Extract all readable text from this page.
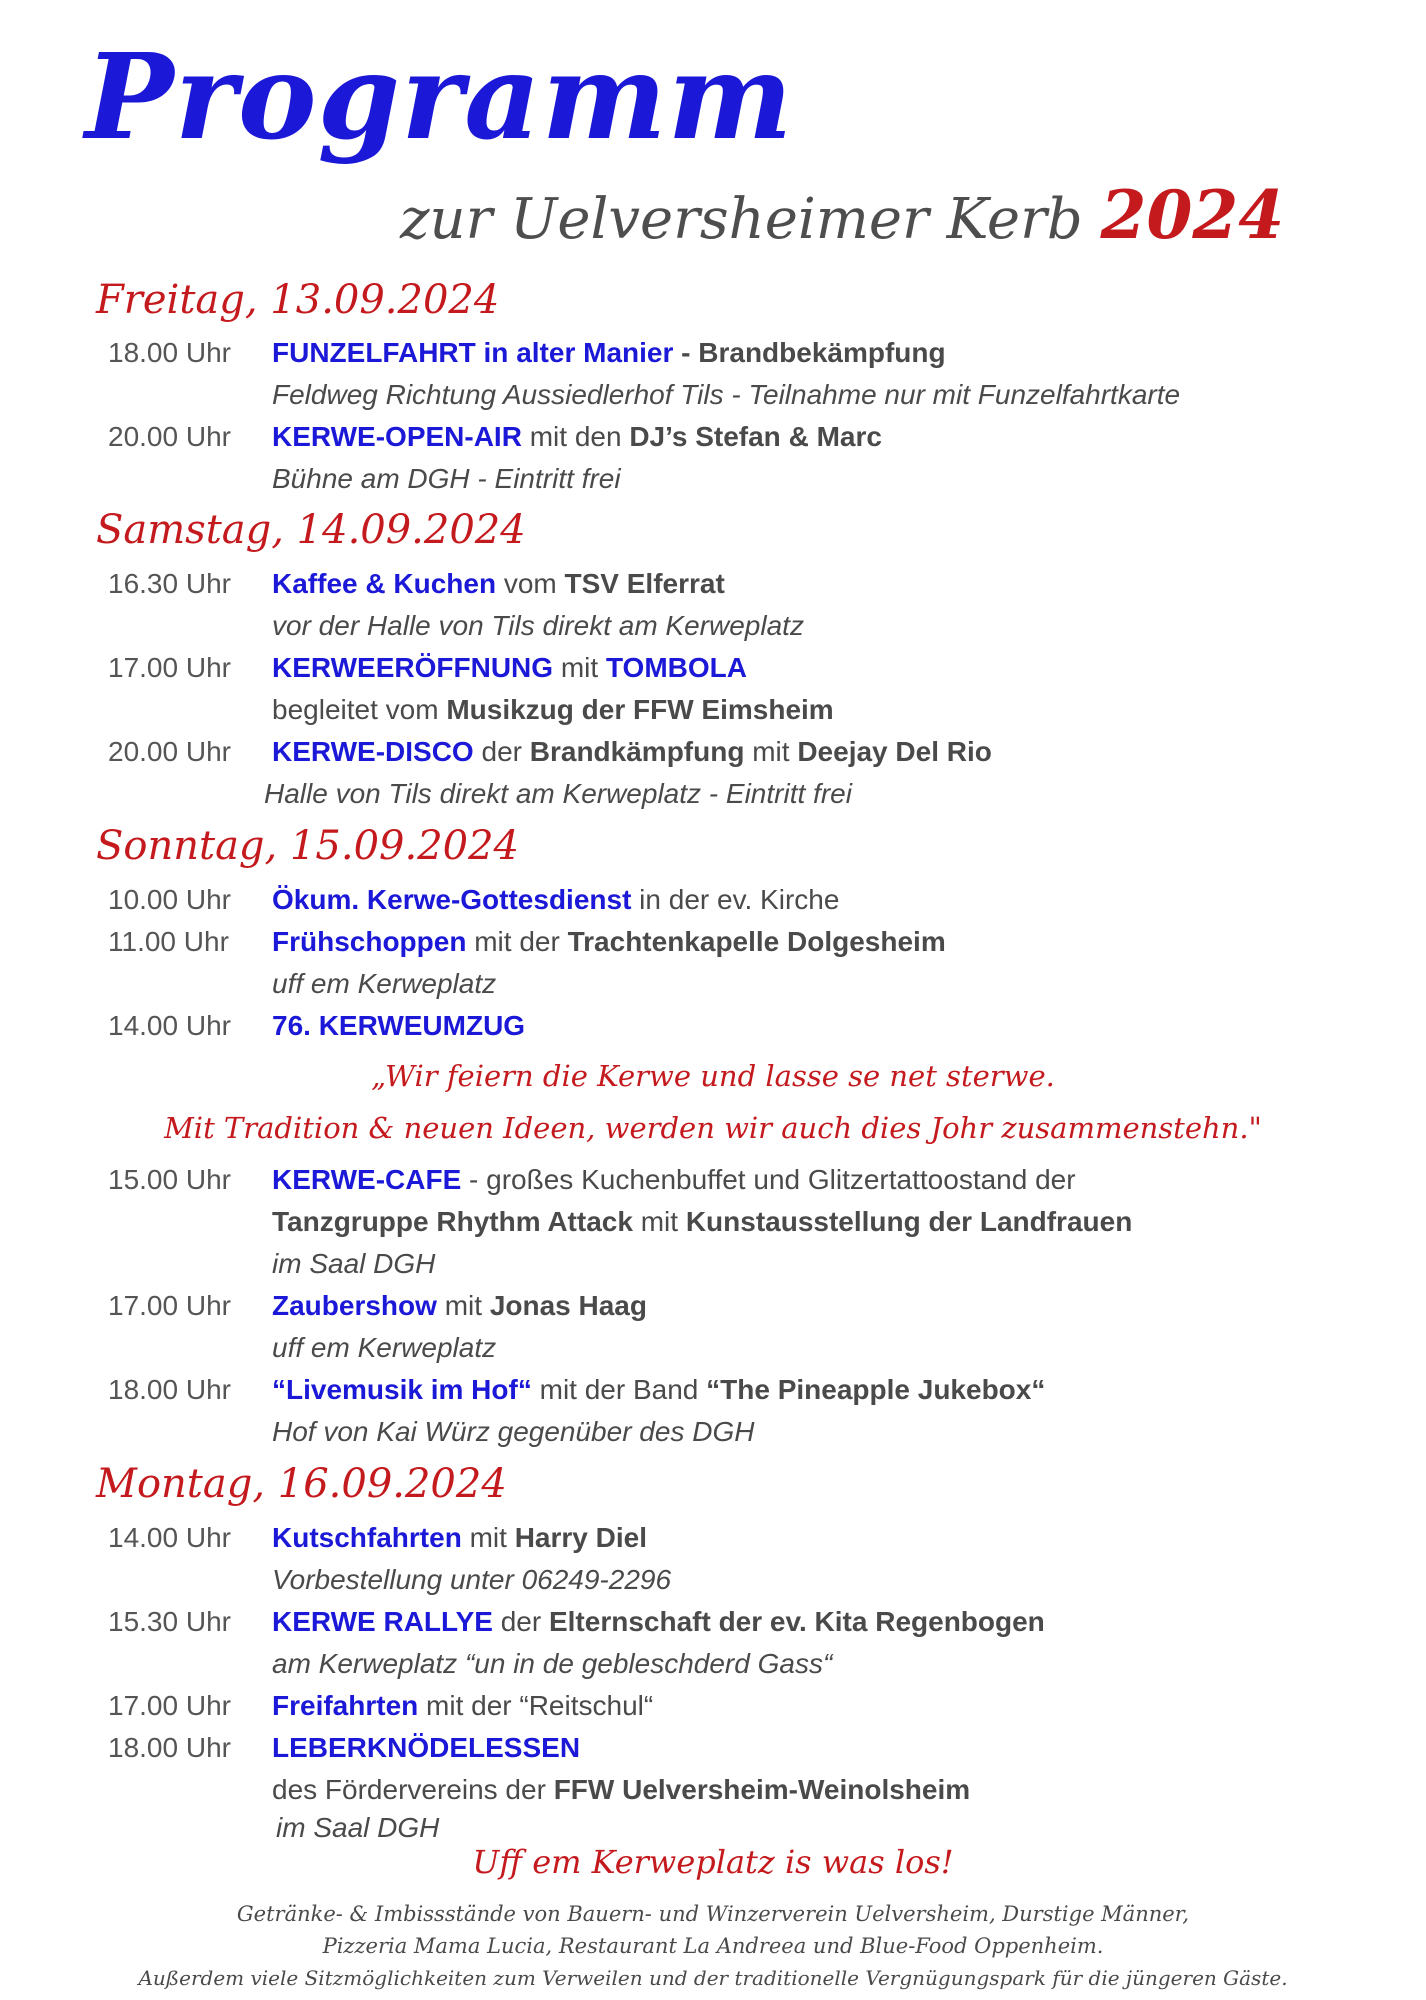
Programm

zur Uelversheimer Kerb 2024

Freitag, 13.09.2024
18.00 Uhr FUNZELFAHRT in alter Manier - Brandbekämpfung
Feldweg Richtung Aussiedlerhof Tils - Teilnahme nur mit Funzelfahrtkarte
20.00 Uhr KERWE-OPEN-AIR mit den DJ’s Stefan & Marc
Bühne am DGH - Eintritt frei
Samstag, 14.09.2024
16.30 Uhr Kaffee & Kuchen vom TSV Elferrat
vor der Halle von Tils direkt am Kerweplatz
17.00 Uhr KERWEERÖFFNUNG mit TOMBOLA
begleitet vom Musikzug der FFW Eimsheim
20.00 Uhr KERWE-DISCO der Brandkämpfung mit Deejay Del Rio
Halle von Tils direkt am Kerweplatz - Eintritt frei
Sonntag, 15.09.2024
10.00 Uhr Ökum. Kerwe-Gottesdienst in der ev. Kirche
11.00 Uhr Frühschoppen mit der Trachtenkapelle Dolgesheim
uff em Kerweplatz
14.00 Uhr 76. KERWEUMZUG

„Wir feiern die Kerwe und lasse se net sterwe.

Mit Tradition & neuen Ideen, werden wir auch dies Johr zusammenstehn."

15.00 Uhr KERWE-CAFE - großes Kuchenbuffet und Glitzertattoostand der
Tanzgruppe Rhythm Attack mit Kunstausstellung der Landfrauen
im Saal DGH
17.00 Uhr Zaubershow mit Jonas Haag
uff em Kerweplatz
18.00 Uhr “Livemusik im Hof“ mit der Band “The Pineapple Jukebox“
Hof von Kai Würz gegenüber des DGH
Montag, 16.09.2024
14.00 Uhr Kutschfahrten mit Harry Diel
Vorbestellung unter 06249-2296
15.30 Uhr KERWE RALLYE der Elternschaft der ev. Kita Regenbogen
am Kerweplatz “un in de gebleschderd Gass“
17.00 Uhr Freifahrten mit der “Reitschul“
18.00 Uhr LEBERKNÖDELESSEN
des Fördervereins der FFW Uelversheim-Weinolsheim
im Saal DGH

Uff em Kerweplatz is was los!

Getränke- & Imbissstände von Bauern- und Winzerverein Uelversheim, Durstige Männer,

Pizzeria Mama Lucia, Restaurant La Andreea und Blue-Food Oppenheim.

Außerdem viele Sitzmöglichkeiten zum Verweilen und der traditionelle Vergnügungspark für die jüngeren Gäste.
